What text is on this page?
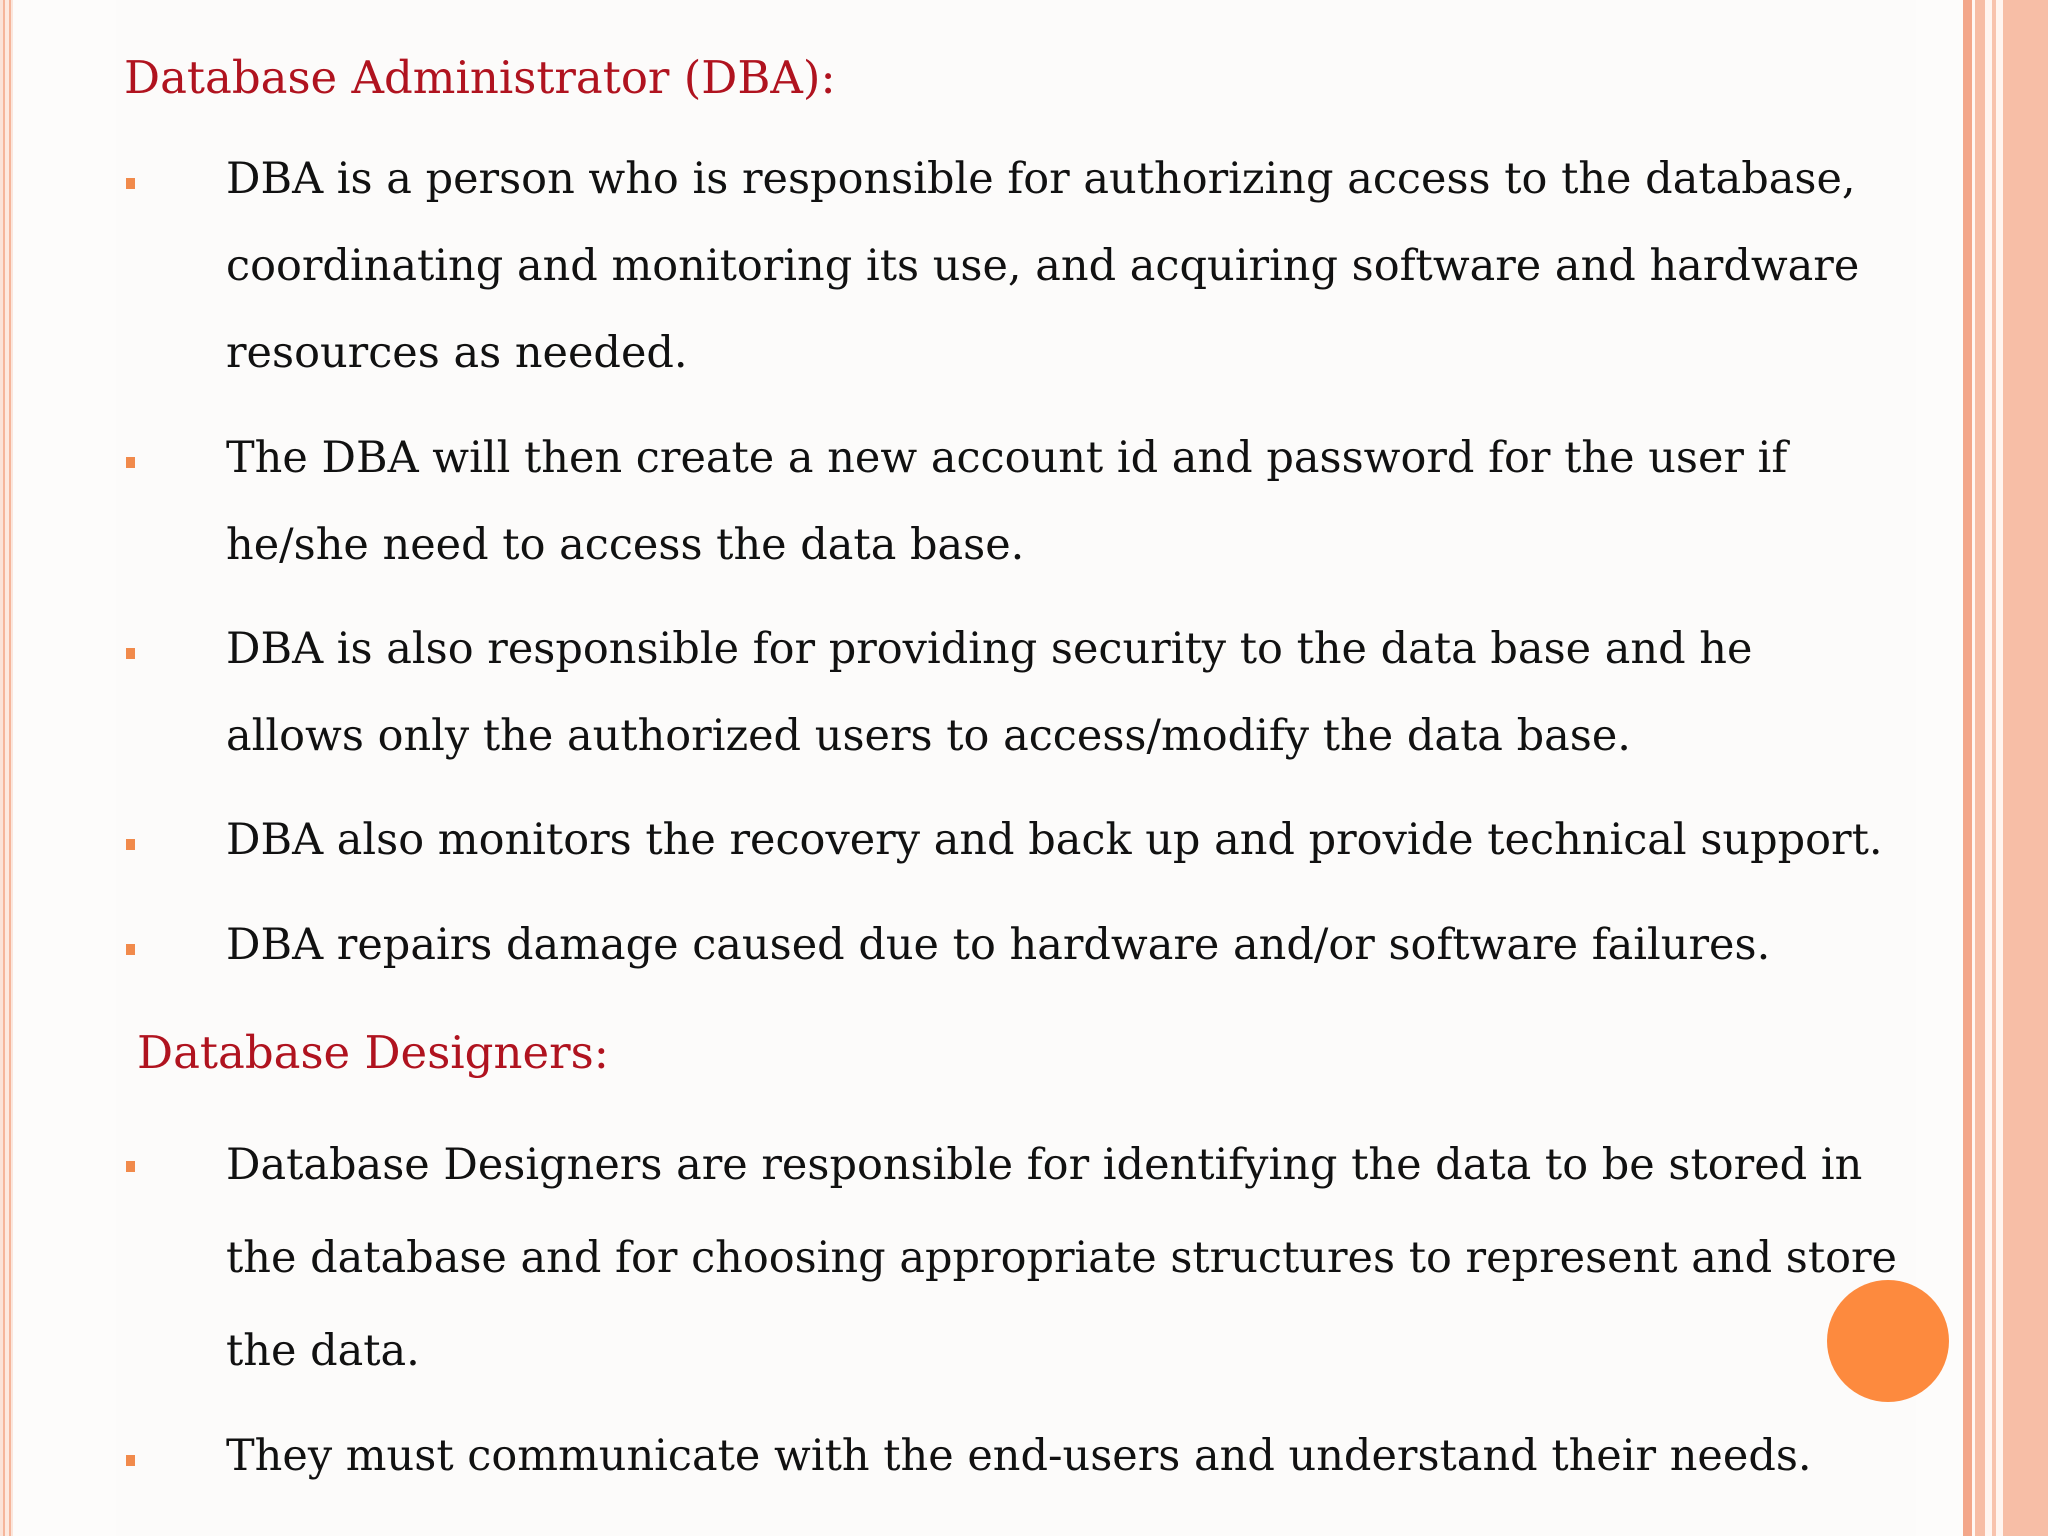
Database Administrator (DBA):
DBA is a person who is responsible for authorizing access to the database,
coordinating and monitoring its use, and acquiring software and hardware
resources as needed.
The DBA will then create a new account id and password for the user if
he/she need to access the data base.
DBA is also responsible for providing security to the data base and he
allows only the authorized users to access/modify the data base.
DBA also monitors the recovery and back up and provide technical support.
DBA repairs damage caused due to hardware and/or software failures.
Database Designers:
Database Designers are responsible for identifying the data to be stored in
the database and for choosing appropriate structures to represent and store
the data.
They must communicate with the end-users and understand their needs.
